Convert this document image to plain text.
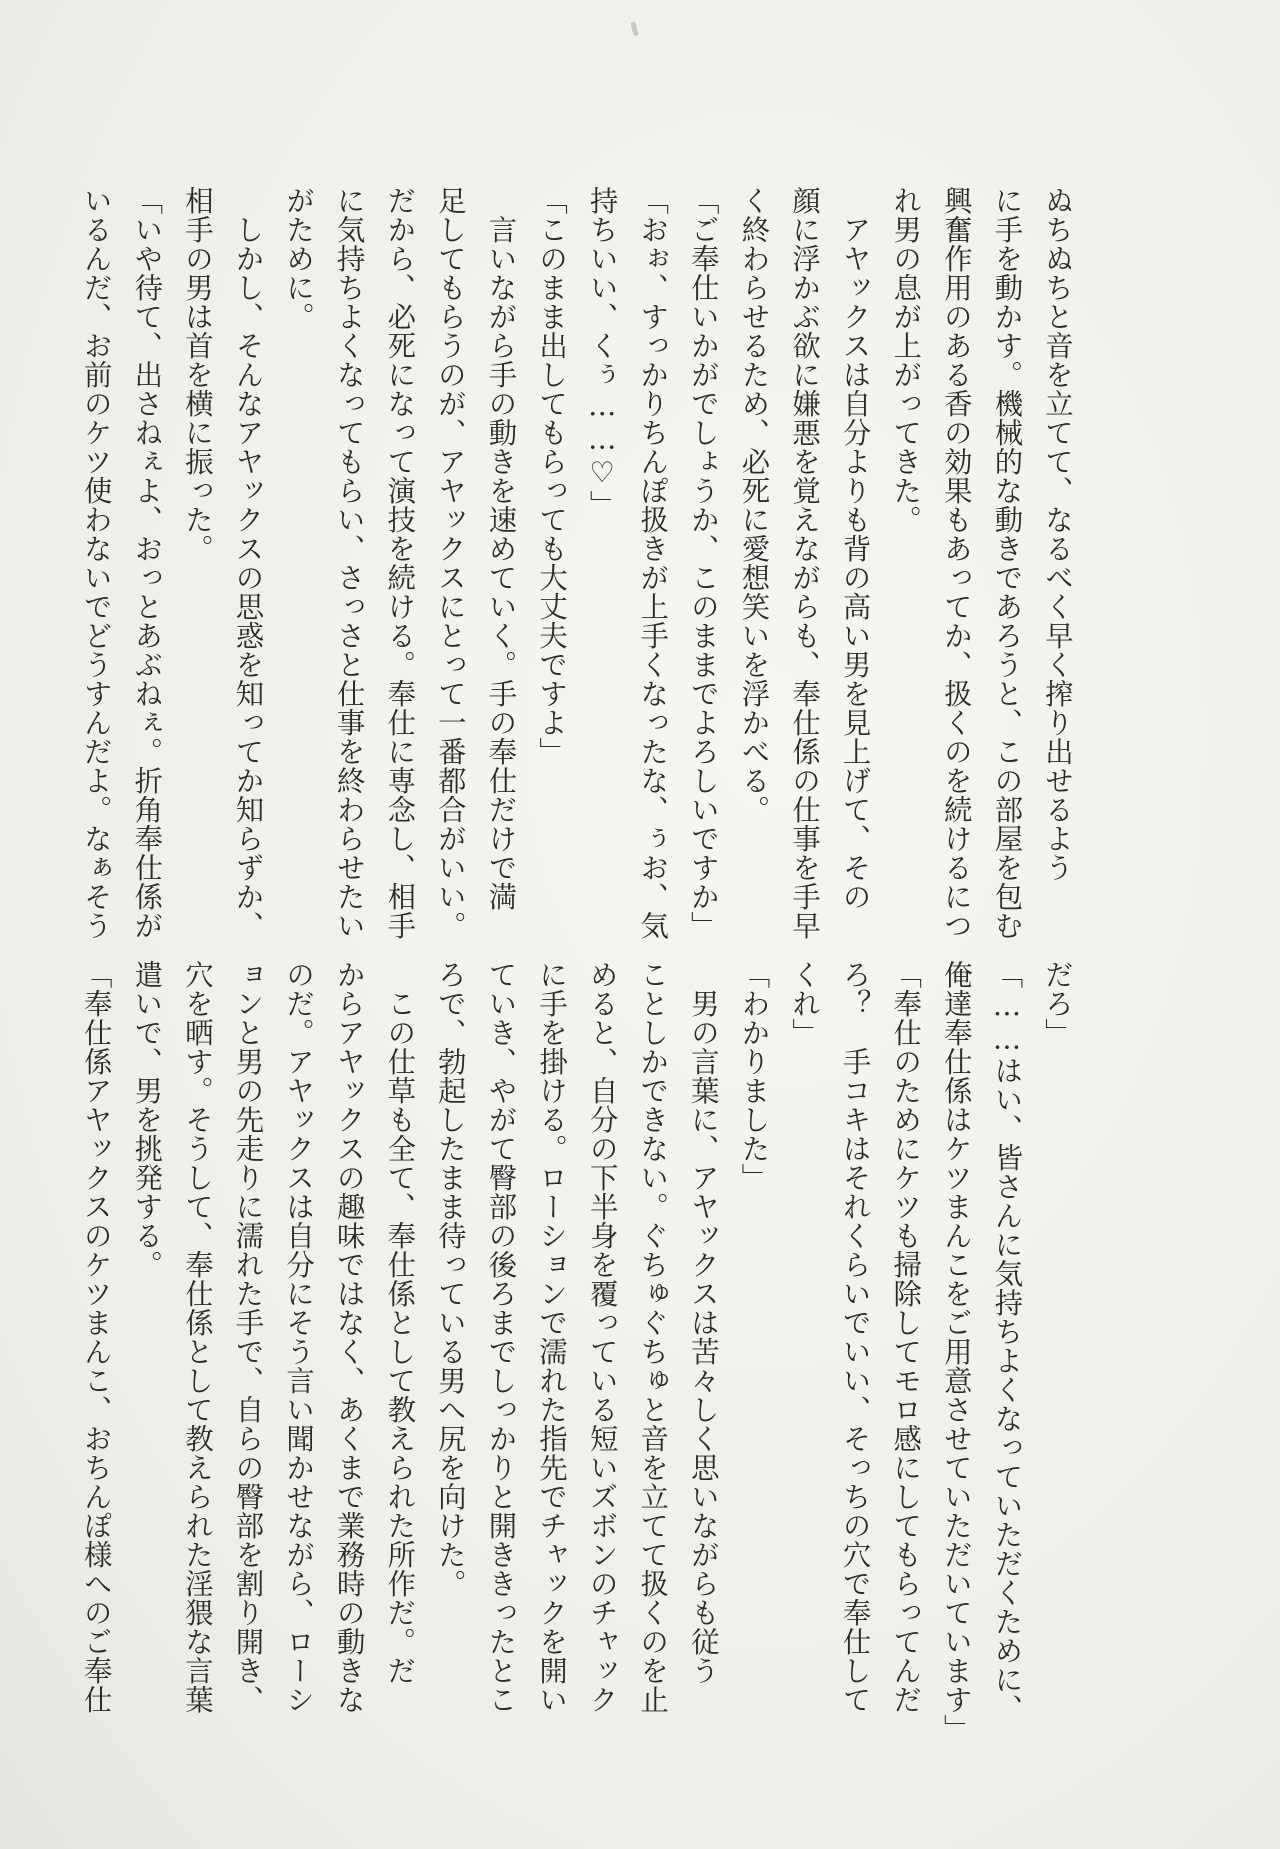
ぬちぬちと音を立てて、なるべく早く搾り出せるよう
に手を動かす。機械的な動きであろうと、この部屋を包む
興奮作用のある香の効果もあってか、扱くのを続けるにつ
れ男の息が上がってきた。
　アヤックスは自分よりも背の高い男を見上げて、その
顔に浮かぶ欲に嫌悪を覚えながらも、奉仕係の仕事を手早
く終わらせるため、必死に愛想笑いを浮かべる。
「ご奉仕いかがでしょうか、このままでよろしいですか」
「おぉ、すっかりちんぽ扱きが上手くなったな、ぅお、気
持ちいい、くぅ……♡」
「このまま出してもらっても大丈夫ですよ」
　言いながら手の動きを速めていく。手の奉仕だけで満
足してもらうのが、アヤックスにとって一番都合がいい。
だから、必死になって演技を続ける。奉仕に専念し、相手
に気持ちよくなってもらい、さっさと仕事を終わらせたい
がために。
　しかし、そんなアヤックスの思惑を知ってか知らずか、
相手の男は首を横に振った。
「いや待て、出さねぇよ、おっとあぶねぇ。折角奉仕係が
いるんだ、お前のケツ使わないでどうすんだよ。なぁそう
だろ」
「……はい、皆さんに気持ちよくなっていただくために、
俺達奉仕係はケツまんこをご用意させていただいています」
「奉仕のためにケツも掃除してモロ感にしてもらってんだ
ろ？　手コキはそれくらいでいい、そっちの穴で奉仕して
くれ」
「わかりました」
　男の言葉に、アヤックスは苦々しく思いながらも従う
ことしかできない。ぐちゅぐちゅと音を立てて扱くのを止
めると、自分の下半身を覆っている短いズボンのチャック
に手を掛ける。ローションで濡れた指先でチャックを開い
ていき、やがて臀部の後ろまでしっかりと開ききったとこ
ろで、勃起したまま待っている男へ尻を向けた。
　この仕草も全て、奉仕係として教えられた所作だ。だ
からアヤックスの趣味ではなく、あくまで業務時の動きな
のだ。アヤックスは自分にそう言い聞かせながら、ローシ
ョンと男の先走りに濡れた手で、自らの臀部を割り開き、
穴を晒す。そうして、奉仕係として教えられた淫猥な言葉
遣いで、男を挑発する。
「奉仕係アヤックスのケツまんこ、おちんぽ様へのご奉仕
